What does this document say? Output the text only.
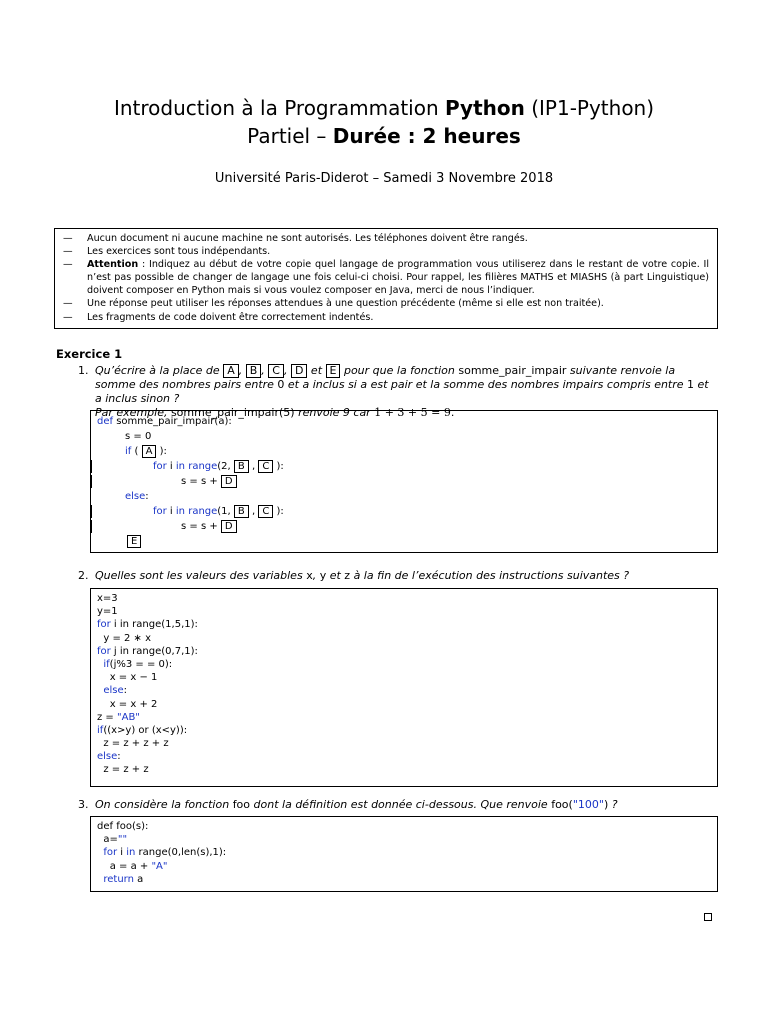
Introduction à la Programmation Python (IP1-Python)
Partiel – Durée : 2 heures
Université Paris-Diderot – Samedi 3 Novembre 2018
—	Aucun document ni aucune machine ne sont autorisés. Les téléphones doivent être rangés.
—	Les exercices sont tous indépendants.
—	Attention : Indiquez au début de votre copie quel langage de programmation vous utiliserez dans le restant de votre copie. Il n’est pas possible de changer de langage une fois celui-ci choisi. Pour rappel, les filières MATHS et MIASHS (à part Linguistique) doivent composer en Python mais si vous voulez composer en Java, merci de nous l’indiquer.
—	Une réponse peut utiliser les réponses attendues à une question précédente (même si elle est non traitée).
—	Les fragments de code doivent être correctement indentés.
Exercice 1
1. Qu’écrire à la place de A , B , C , D et E pour que la fonction somme_pair_impair suivante renvoie la somme des nombres pairs entre 0 et a inclus si a est pair et la somme des nombres impairs compris entre 1 et a inclus sinon ?
Par exemple, somme_pair_impair(5) renvoie 9 car 1 + 3 + 5 = 9.
def somme_pair_impair(a):
s = 0
if ( A ):
for i in range(2, B , C ):
s = s + D
else:
for i in range(1, B , C ):
s = s + D
E
2. Quelles sont les valeurs des variables x, y et z à la fin de l’exécution des instructions suivantes ?
x=3
y=1
for i in range(1,5,1):
y = 2 ∗ x
for j in range(0,7,1):
if(j%3 = = 0):
x = x − 1
else:
x = x + 2
z = "AB"
if((x>y) or (x<y)):
z = z + z + z
else:
z = z + z
3. On considère la fonction foo dont la définition est donnée ci-dessous. Que renvoie foo("100") ?
def foo(s):
a=""
for i in range(0,len(s),1):
a = a + "A"
return a
